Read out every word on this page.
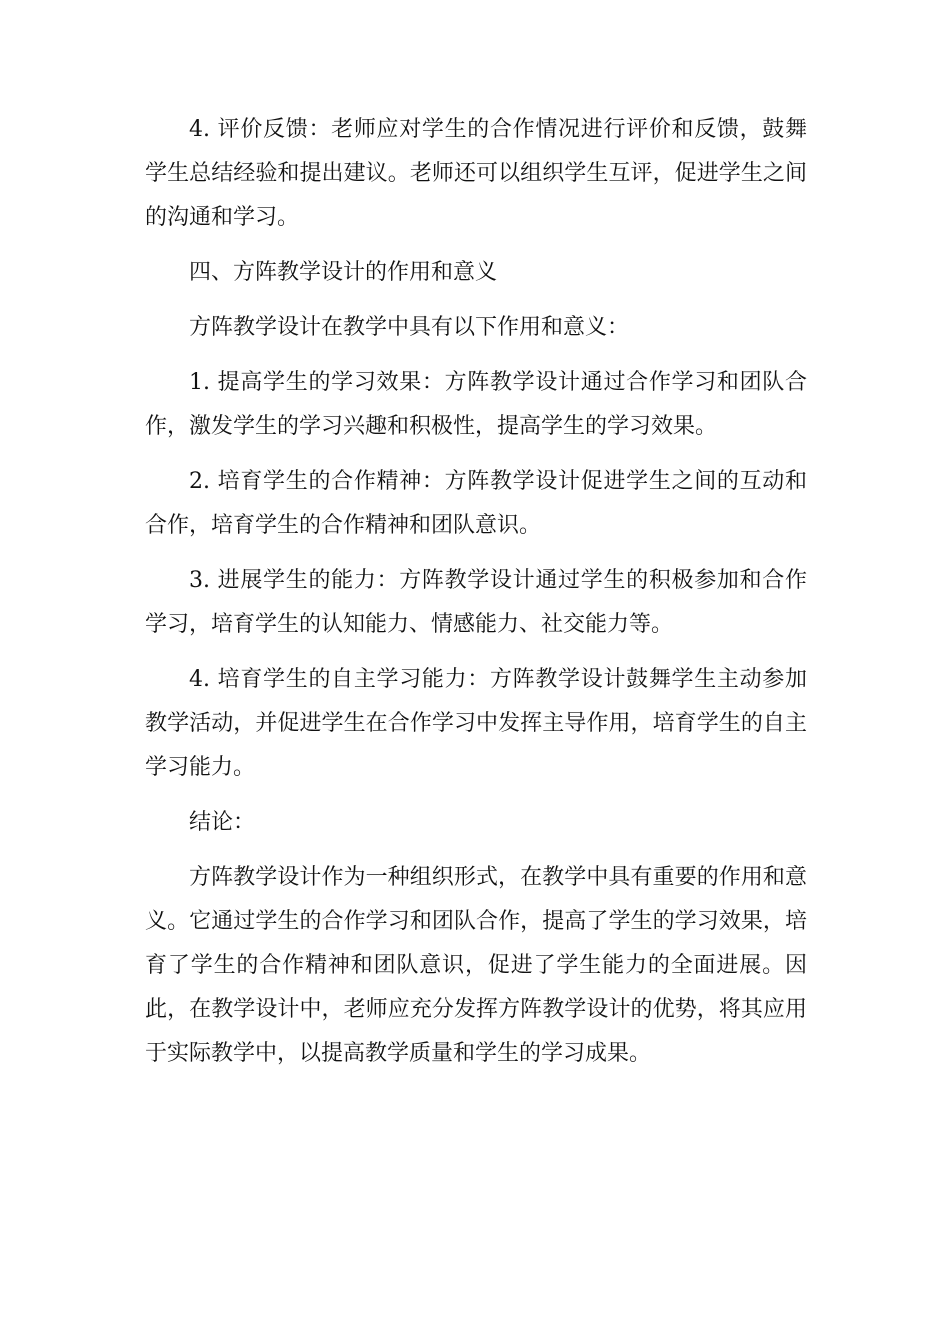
4. 评价反馈：老师应对学生的合作情况进行评价和反馈，鼓舞学生总结经验和提出建议。老师还可以组织学生互评，促进学生之间的沟通和学习。

四、方阵教学设计的作用和意义

方阵教学设计在教学中具有以下作用和意义：

1. 提高学生的学习效果：方阵教学设计通过合作学习和团队合作，激发学生的学习兴趣和积极性，提高学生的学习效果。

2. 培育学生的合作精神：方阵教学设计促进学生之间的互动和合作，培育学生的合作精神和团队意识。

3. 进展学生的能力：方阵教学设计通过学生的积极参加和合作学习，培育学生的认知能力、情感能力、社交能力等。

4. 培育学生的自主学习能力：方阵教学设计鼓舞学生主动参加教学活动，并促进学生在合作学习中发挥主导作用，培育学生的自主学习能力。

结论：

方阵教学设计作为一种组织形式，在教学中具有重要的作用和意义。它通过学生的合作学习和团队合作，提高了学生的学习效果，培育了学生的合作精神和团队意识，促进了学生能力的全面进展。因此，在教学设计中，老师应充分发挥方阵教学设计的优势，将其应用于实际教学中，以提高教学质量和学生的学习成果。
